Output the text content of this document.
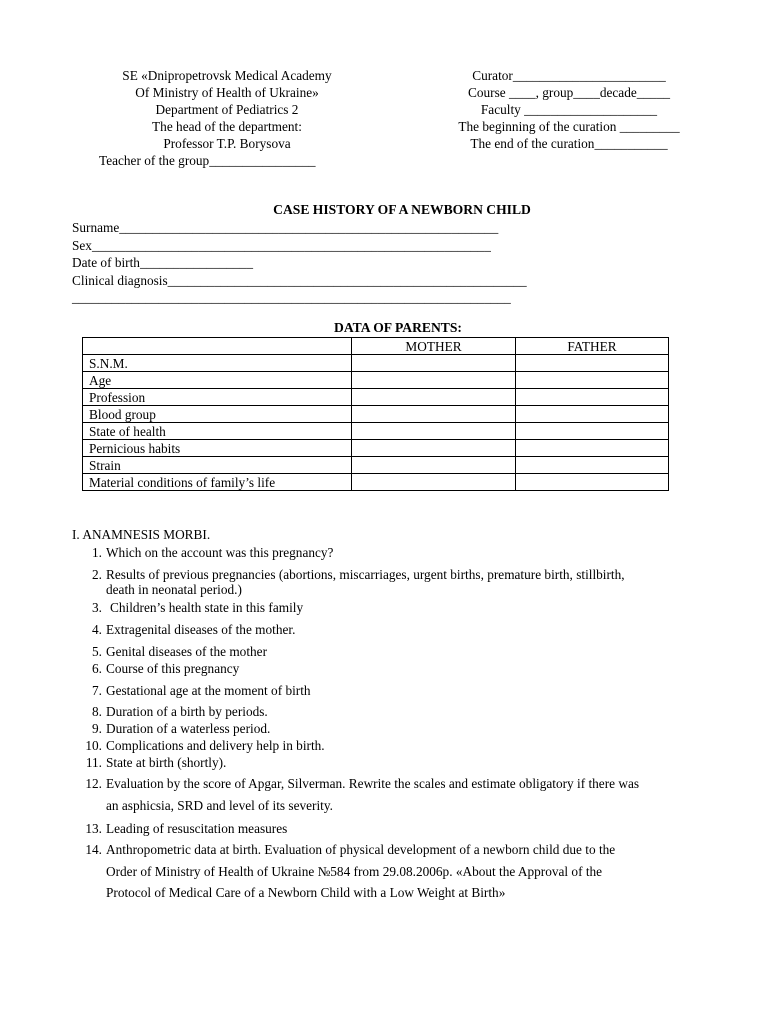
SE «Dnipropetrovsk Medical Academy
Of Ministry of Health of Ukraine»
Department of Pediatrics 2
The head of the department:
Professor T.P. Borysova
Teacher of the group________________
Curator_______________________
Course ____, group____decade_____
Faculty ____________________
The beginning of the curation _________
The end of the curation___________
CASE HISTORY OF A NEWBORN CHILD
Surname_________________________________________________________
Sex____________________________________________________________
Date of birth_________________
Clinical diagnosis______________________________________________________
__________________________________________________________________
DATA OF PARENTS:
	MOTHER	FATHER
S.N.M.		
Age		
Profession		
Blood group		
State of health		
Pernicious habits		
Strain		
Material conditions of family’s life		
I. ANAMNESIS MORBI.
1. Which on the account was this pregnancy?
2. Results of previous pregnancies (abortions, miscarriages, urgent births, premature birth, stillbirth,
death in neonatal period.)
3. Children’s health state in this family
4. Extragenital diseases of the mother.
5. Genital diseases of the mother
6. Course of this pregnancy
7. Gestational age at the moment of birth
8. Duration of a birth by periods.
9. Duration of a waterless period.
10. Complications and delivery help in birth.
11. State at birth (shortly).
12. Evaluation by the score of Apgar, Silverman. Rewrite the scales and estimate obligatory if there was
an asphicsia, SRD and level of its severity.
13. Leading of resuscitation measures
14. Anthropometric data at birth. Evaluation of physical development of a newborn child due to the
Order of Ministry of Health of Ukraine №584 from 29.08.2006р. «About the Approval of the
Protocol of Medical Care of a Newborn Child with a Low Weight at Birth»
